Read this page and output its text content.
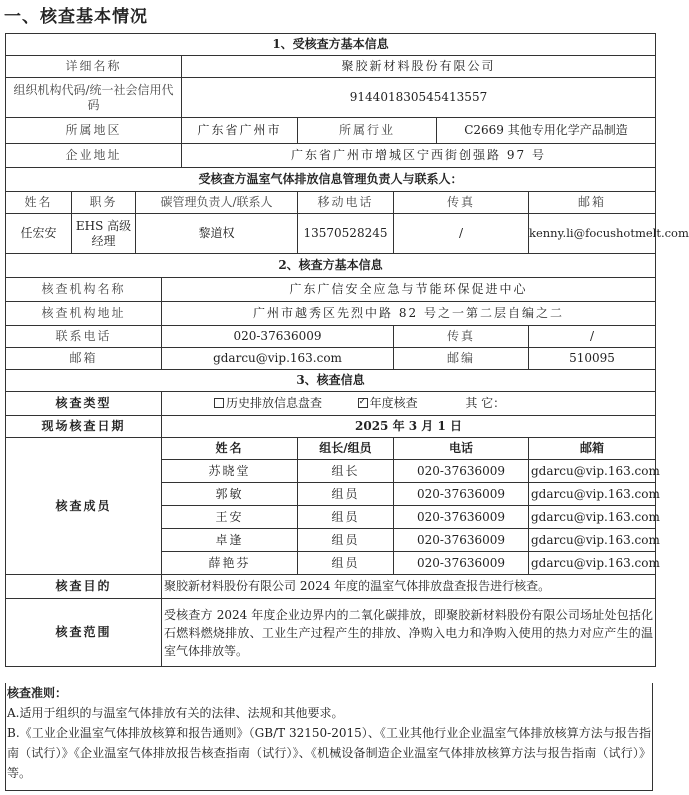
一、核查基本情况
1、受核查方基本信息								
详细名称				聚胶新材料股份有限公司				
组织机构代码/统一社会信用代码				914401830545413557				
所属地区				广东省广州市	所属行业		C2669 其他专用化学产品制造	
企业地址				广东省广州市增城区宁西街创强路 97 号				
受核查方温室气体排放信息管理负责人与联系人：								
姓名	职务	碳管理负责人/联系人			移动电话	传真		邮箱
任宏安	EHS 高级经理	黎道权			13570528245	/		kenny.li@focushotmelt.com
2、核查方基本信息								
核查机构名称			广东广信安全应急与节能环保促进中心					
核查机构地址			广州市越秀区先烈中路 82 号之一第二层自编之二					
联系电话			020-37636009			传真		/
邮箱			gdarcu@vip.163.com			邮编		510095
3、核查信息								
核查类型			历史排放信息盘查 ✓ 年度核查 其 它：
现场核查日期			2025 年 3 月 1 日					
核查成员			姓名		组长/组员	电话		邮箱
			苏晓堂		组长	020-37636009		gdarcu@vip.163.com
			郭敏		组员	020-37636009		gdarcu@vip.163.com
			王安		组员	020-37636009		gdarcu@vip.163.com
			卓逢		组员	020-37636009		gdarcu@vip.163.com
			薛艳芬		组员	020-37636009		gdarcu@vip.163.com
核查目的			聚胶新材料股份有限公司 2024 年度的温室气体排放盘查报告进行核查。					
核查范围			受核查方 2024 年度企业边界内的二氧化碳排放，即聚胶新材料股份有限公司场址处包括化石燃料燃烧排放、工业生产过程产生的排放、净购入电力和净购入使用的热力对应产生的温室气体排放等。					
核查准则：
A.适用于组织的与温室气体排放有关的法律、法规和其他要求。
B.《工业企业温室气体排放核算和报告通则》（GB/T 32150-2015）、《工业其他行业企业温室气体排放核算方法与报告指南（试行）》《企业温室气体排放报告核查指南（试行）》、《机械设备制造企业温室气体排放核算方法与报告指南（试行）》等。
